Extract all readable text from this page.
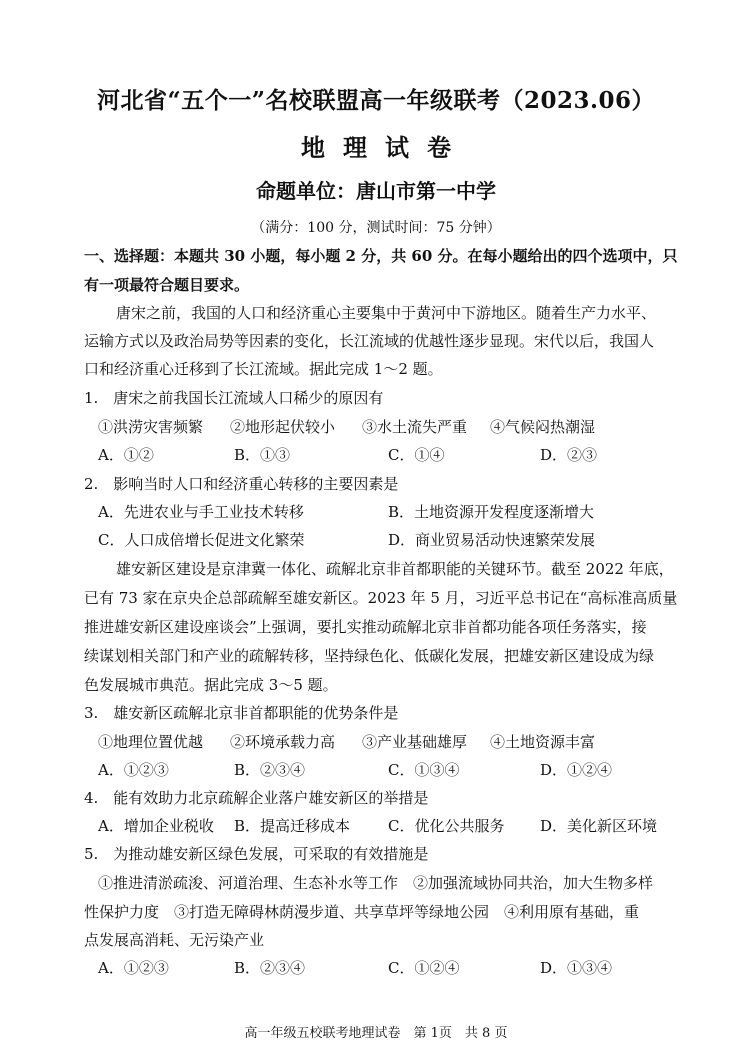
河北省“五个一”名校联盟高一年级联考（2023.06）
地理试卷
命题单位：唐山市第一中学
（满分：100 分，测试时间：75 分钟）
一、选择题：本题共 30 小题，每小题 2 分，共 60 分。在每小题给出的四个选项中，只
有一项最符合题目要求。
唐宋之前，我国的人口和经济重心主要集中于黄河中下游地区。随着生产力水平、
运输方式以及政治局势等因素的变化，长江流域的优越性逐步显现。宋代以后，我国人
口和经济重心迁移到了长江流域。据此完成 1～2 题。
1.　唐宋之前我国长江流域人口稀少的原因有
①洪涝灾害频繁 ②地形起伏较小 ③水土流失严重 ④气候闷热潮湿
A．①②	B．①③	C．①④	D．②③
2.　影响当时人口和经济重心转移的主要因素是
A．先进农业与手工业技术转移	B．土地资源开发程度逐渐增大
C．人口成倍增长促进文化繁荣	D．商业贸易活动快速繁荣发展
雄安新区建设是京津冀一体化、疏解北京非首都职能的关键环节。截至 2022 年底，
已有 73 家在京央企总部疏解至雄安新区。2023 年 5 月，习近平总书记在“高标准高质量
推进雄安新区建设座谈会”上强调，要扎实推动疏解北京非首都功能各项任务落实，接
续谋划相关部门和产业的疏解转移，坚持绿色化、低碳化发展，把雄安新区建设成为绿
色发展城市典范。据此完成 3～5 题。
3.　雄安新区疏解北京非首都职能的优势条件是
①地理位置优越 ②环境承载力高 ③产业基础雄厚 ④土地资源丰富
A．①②③	B．②③④	C．①③④	D．①②④
4.　能有效助力北京疏解企业落户雄安新区的举措是
A．增加企业税收 B．提高迁移成本	C．优化公共服务 D．美化新区环境
5.　为推动雄安新区绿色发展，可采取的有效措施是
①推进清淤疏浚、河道治理、生态补水等工作　②加强流域协同共治，加大生物多样
性保护力度　③打造无障碍林荫漫步道、共享草坪等绿地公园　④利用原有基础，重
点发展高消耗、无污染产业
A．①②③	B．②③④	C．①②④	D．①③④
高一年级五校联考地理试卷　第 1页　共 8 页
